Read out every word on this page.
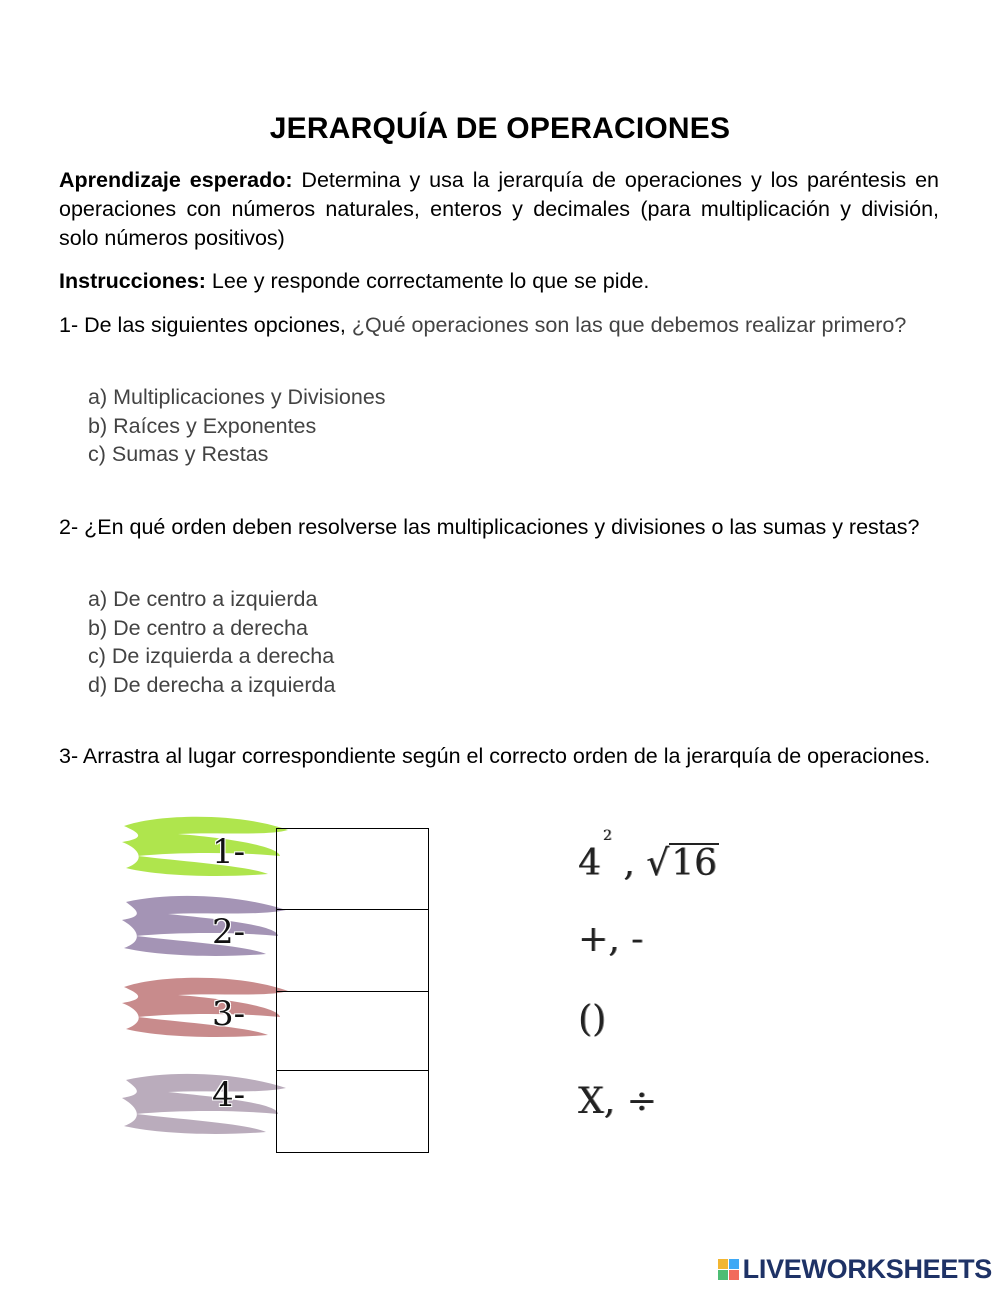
JERARQUÍA DE OPERACIONES

Aprendizaje esperado: Determina y usa la jerarquía de operaciones y los paréntesis en operaciones con números naturales, enteros y decimales (para multiplicación y división, solo números positivos)

Instrucciones: Lee y responde correctamente lo que se pide.

1- De las siguientes opciones, ¿Qué operaciones son las que debemos realizar primero?

a) Multiplicaciones y Divisiones
b) Raíces y Exponentes
c) Sumas y Restas

2- ¿En qué orden deben resolverse las multiplicaciones y divisiones o las sumas y restas?

a) De centro a izquierda
b) De centro a derecha
c) De izquierda a derecha
d) De derecha a izquierda

3- Arrastra al lugar correspondiente según el correcto orden de la jerarquía de operaciones.

1-
2-
3-
4-
$4^2$ , √16
+, -
()
X, ÷
LIVEWORKSHEETS
